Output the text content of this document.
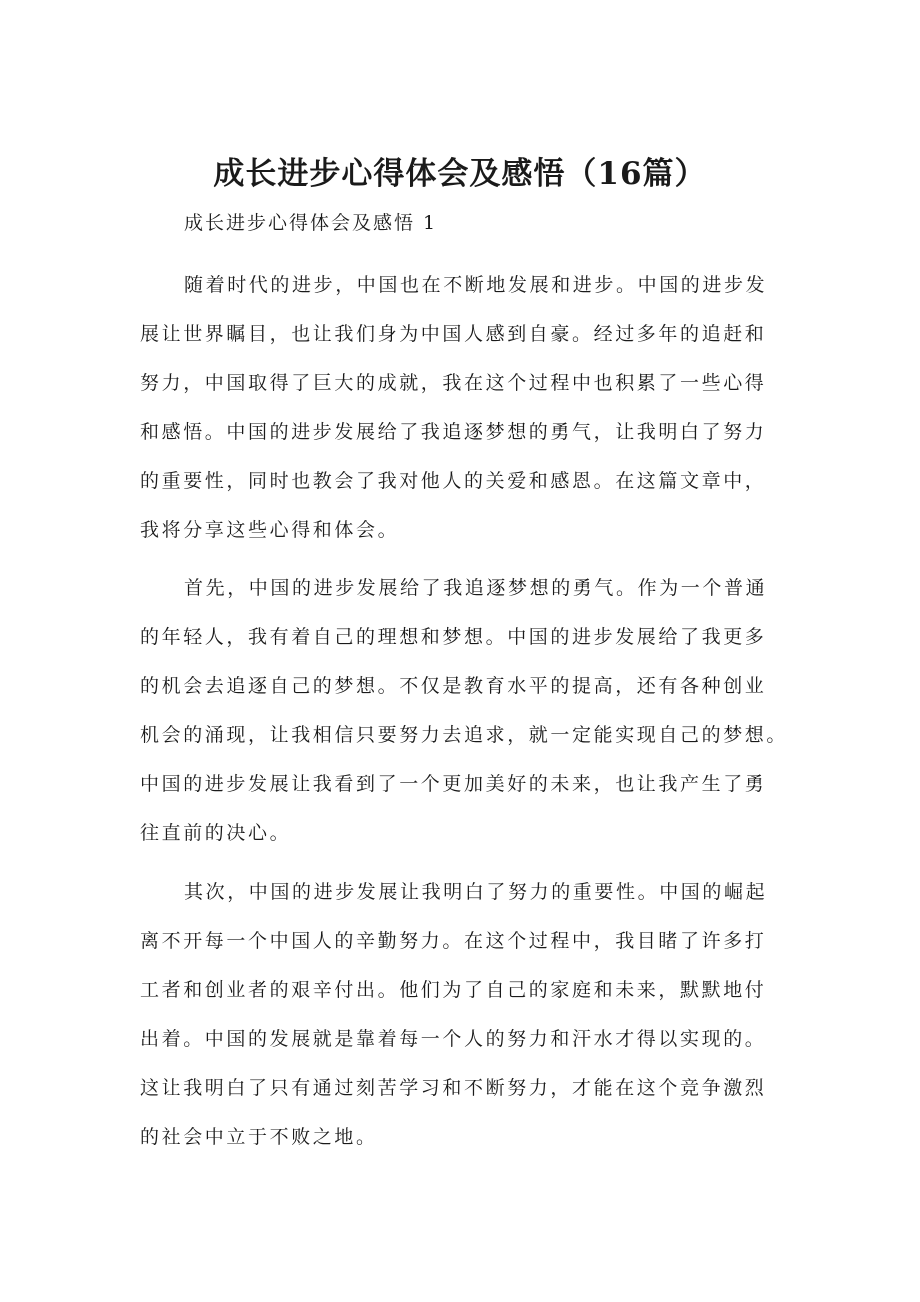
成长进步心得体会及感悟（16篇）

成长进步心得体会及感悟 1

随着时代的进步，中国也在不断地发展和进步。中国的进步发
展让世界瞩目，也让我们身为中国人感到自豪。经过多年的追赶和
努力，中国取得了巨大的成就，我在这个过程中也积累了一些心得
和感悟。中国的进步发展给了我追逐梦想的勇气，让我明白了努力
的重要性，同时也教会了我对他人的关爱和感恩。在这篇文章中，
我将分享这些心得和体会。
首先，中国的进步发展给了我追逐梦想的勇气。作为一个普通
的年轻人，我有着自己的理想和梦想。中国的进步发展给了我更多
的机会去追逐自己的梦想。不仅是教育水平的提高，还有各种创业
机会的涌现，让我相信只要努力去追求，就一定能实现自己的梦想。
中国的进步发展让我看到了一个更加美好的未来，也让我产生了勇
往直前的决心。
其次，中国的进步发展让我明白了努力的重要性。中国的崛起
离不开每一个中国人的辛勤努力。在这个过程中，我目睹了许多打
工者和创业者的艰辛付出。他们为了自己的家庭和未来，默默地付
出着。中国的发展就是靠着每一个人的努力和汗水才得以实现的。
这让我明白了只有通过刻苦学习和不断努力，才能在这个竞争激烈
的社会中立于不败之地。
